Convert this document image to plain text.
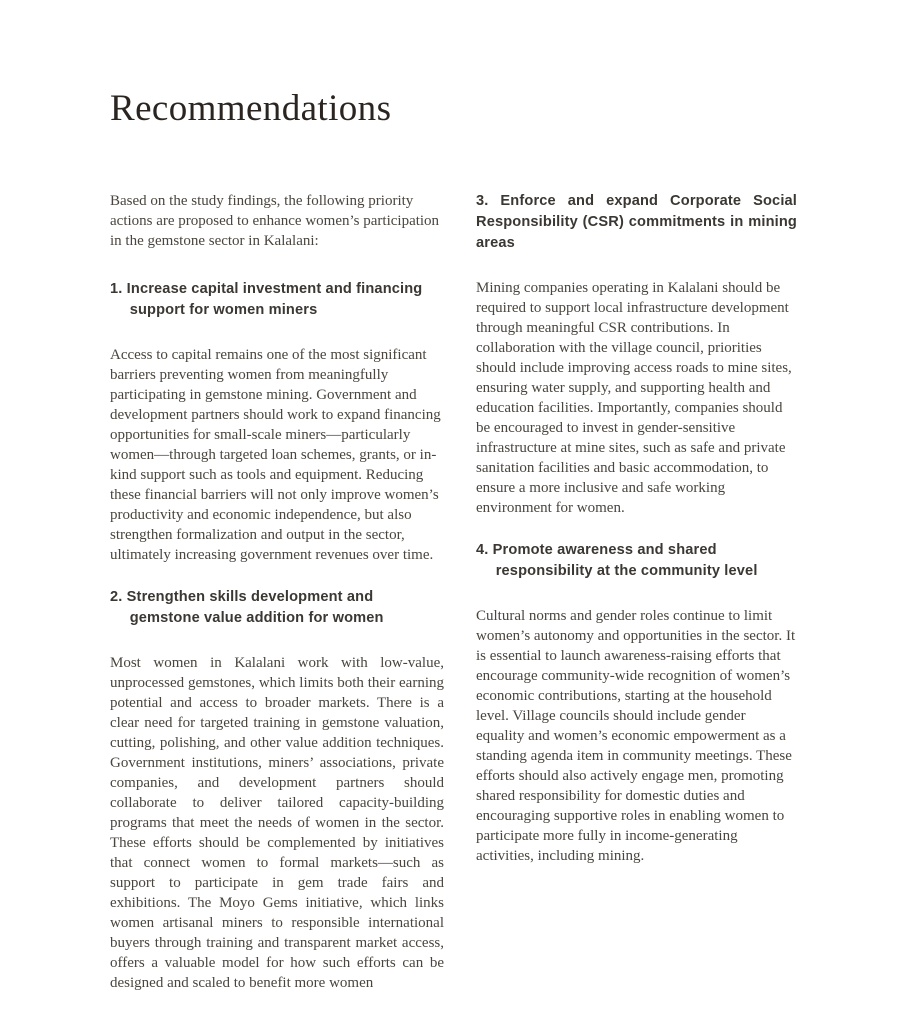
Recommendations

Based on the study findings, the following priority actions are proposed to enhance women’s participation in the gemstone sector in Kalalani:

1. Increase capital investment and financing support for women miners

Access to capital remains one of the most significant barriers preventing women from meaningfully participating in gemstone mining. Government and development partners should work to expand financing opportunities for small-scale miners—particularly women—through targeted loan schemes, grants, or in-kind support such as tools and equipment. Reducing these financial barriers will not only improve women’s productivity and economic independence, but also strengthen formalization and output in the sector, ultimately increasing government revenues over time.

2. Strengthen skills development and gemstone value addition for women

Most women in Kalalani work with low-value, unprocessed gemstones, which limits both their earning potential and access to broader markets. There is a clear need for targeted training in gemstone valuation, cutting, polishing, and other value addition techniques. Government institutions, miners’ associations, private companies, and development partners should collaborate to deliver tailored capacity-building programs that meet the needs of women in the sector. These efforts should be complemented by initiatives that connect women to formal markets—such as support to participate in gem trade fairs and exhibitions. The Moyo Gems initiative, which links women artisanal miners to responsible international buyers through training and transparent market access, offers a valuable model for how such efforts can be designed and scaled to benefit more women

3. Enforce and expand Corporate Social Responsibility (CSR) commitments in mining areas

Mining companies operating in Kalalani should be required to support local infrastructure development through meaningful CSR contributions. In collaboration with the village council, priorities should include improving access roads to mine sites, ensuring water supply, and supporting health and education facilities. Importantly, companies should be encouraged to invest in gender-sensitive infrastructure at mine sites, such as safe and private sanitation facilities and basic accommodation, to ensure a more inclusive and safe working environment for women.

4. Promote awareness and shared responsibility at the community level

Cultural norms and gender roles continue to limit women’s autonomy and opportunities in the sector. It is essential to launch awareness-raising efforts that encourage community-wide recognition of women’s economic contributions, starting at the household level. Village councils should include gender equality and women’s economic empowerment as a standing agenda item in community meetings. These efforts should also actively engage men, promoting shared responsibility for domestic duties and encouraging supportive roles in enabling women to participate more fully in income-generating activities, including mining.
